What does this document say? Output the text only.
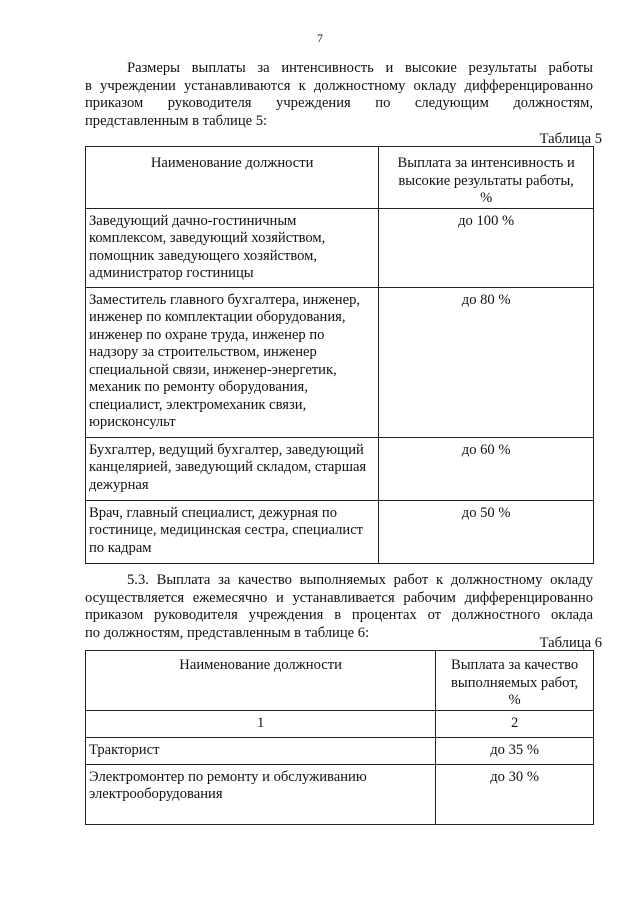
7

Размеры выплаты за интенсивность и высокие результаты работы
в учреждении устанавливаются к должностному окладу дифференцированно
приказом руководителя учреждения по следующим должностям,
представленным в таблице 5:

Таблица 5
Наименование должности	Выплата за интенсивность и высокие результаты работы, %
Заведующий дачно-гостиничным комплексом, заведующий хозяйством, помощник заведующего хозяйством, администратор гостиницы	до 100 %
Заместитель главного бухгалтера, инженер, инженер по комплектации оборудования, инженер по охране труда, инженер по надзору за строительством, инженер специальной связи, инженер-энергетик, механик по ремонту оборудования, специалист, электромеханик связи, юрисконсульт	до 80 %
Бухгалтер, ведущий бухгалтер, заведующий канцелярией, заведующий складом, старшая дежурная	до 60 %
Врач, главный специалист, дежурная по гостинице, медицинская сестра, специалист по кадрам	до 50 %

5.3. Выплата за качество выполняемых работ к должностному окладу
осуществляется ежемесячно и устанавливается рабочим дифференцированно
приказом руководителя учреждения в процентах от должностного оклада
по должностям, представленным в таблице 6:

Таблица 6
Наименование должности	Выплата за качество выполняемых работ, %
1	2
Тракторист	до 35 %
Электромонтер по ремонту и обслуживанию электрооборудования	до 30 %
